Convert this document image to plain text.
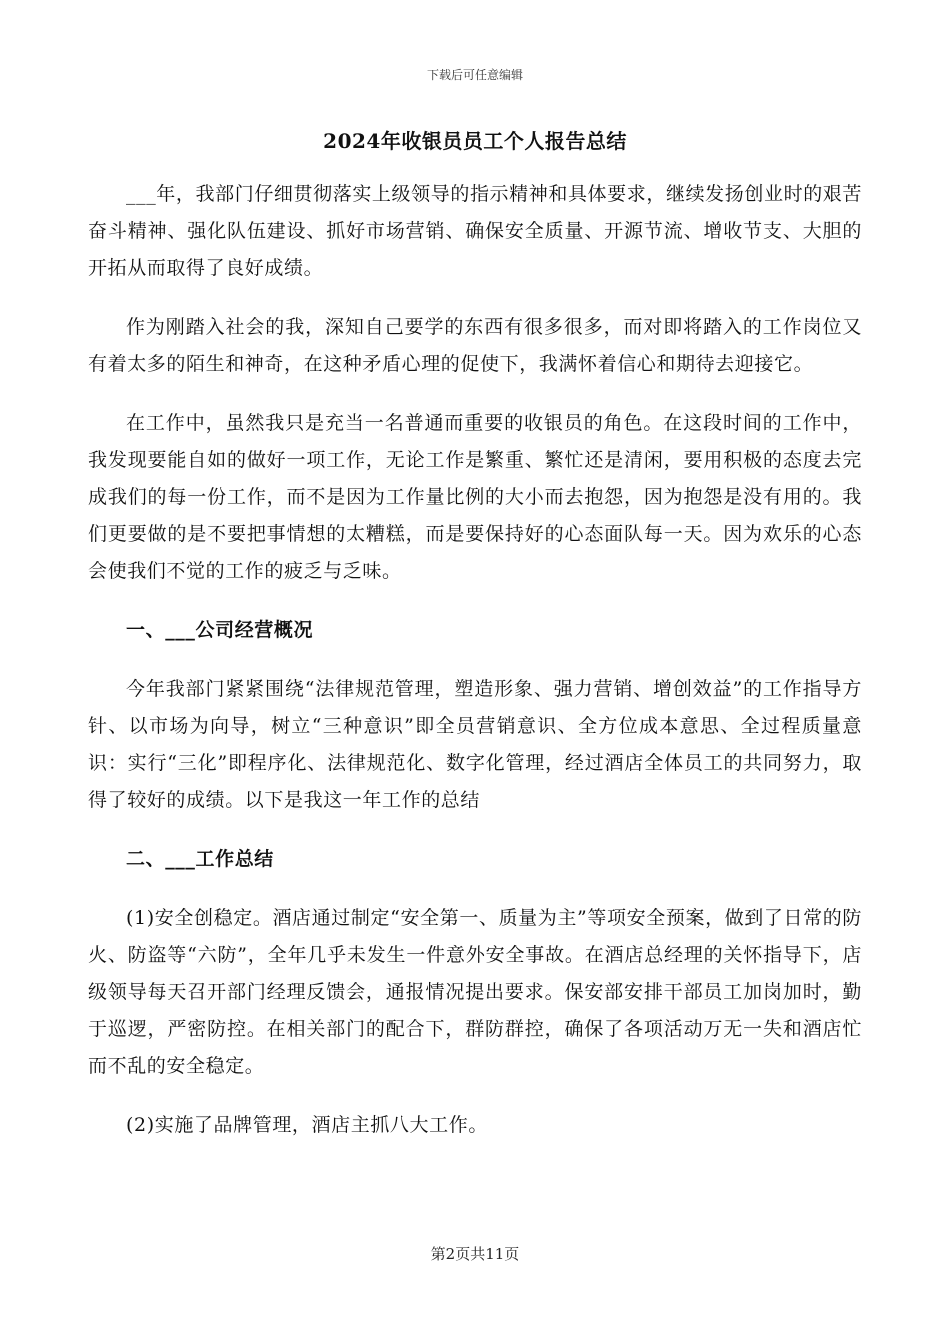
下载后可任意编辑
2024年收银员员工个人报告总结

___年，我部门仔细贯彻落实上级领导的指示精神和具体要求，继续发扬创业时的艰苦奋斗精神、强化队伍建设、抓好市场营销、确保安全质量、开源节流、增收节支、大胆的开拓从而取得了良好成绩。

作为刚踏入社会的我，深知自己要学的东西有很多很多，而对即将踏入的工作岗位又有着太多的陌生和神奇，在这种矛盾心理的促使下，我满怀着信心和期待去迎接它。

在工作中，虽然我只是充当一名普通而重要的收银员的角色。在这段时间的工作中，我发现要能自如的做好一项工作，无论工作是繁重、繁忙还是清闲，要用积极的态度去完成我们的每一份工作，而不是因为工作量比例的大小而去抱怨，因为抱怨是没有用的。我们更要做的是不要把事情想的太糟糕，而是要保持好的心态面队每一天。因为欢乐的心态会使我们不觉的工作的疲乏与乏味。

一、___公司经营概况

今年我部门紧紧围绕“法律规范管理，塑造形象、强力营销、增创效益”的工作指导方针、以市场为向导，树立“三种意识”即全员营销意识、全方位成本意思、全过程质量意识：实行“三化”即程序化、法律规范化、数字化管理，经过酒店全体员工的共同努力，取得了较好的成绩。以下是我这一年工作的总结

二、___工作总结

(1)安全创稳定。酒店通过制定“安全第一、质量为主”等项安全预案，做到了日常的防火、防盗等“六防”，全年几乎未发生一件意外安全事故。在酒店总经理的关怀指导下，店级领导每天召开部门经理反馈会，通报情况提出要求。保安部安排干部员工加岗加时，勤于巡逻，严密防控。在相关部门的配合下，群防群控，确保了各项活动万无一失和酒店忙而不乱的安全稳定。

(2)实施了品牌管理，酒店主抓八大工作。

第2页共11页
